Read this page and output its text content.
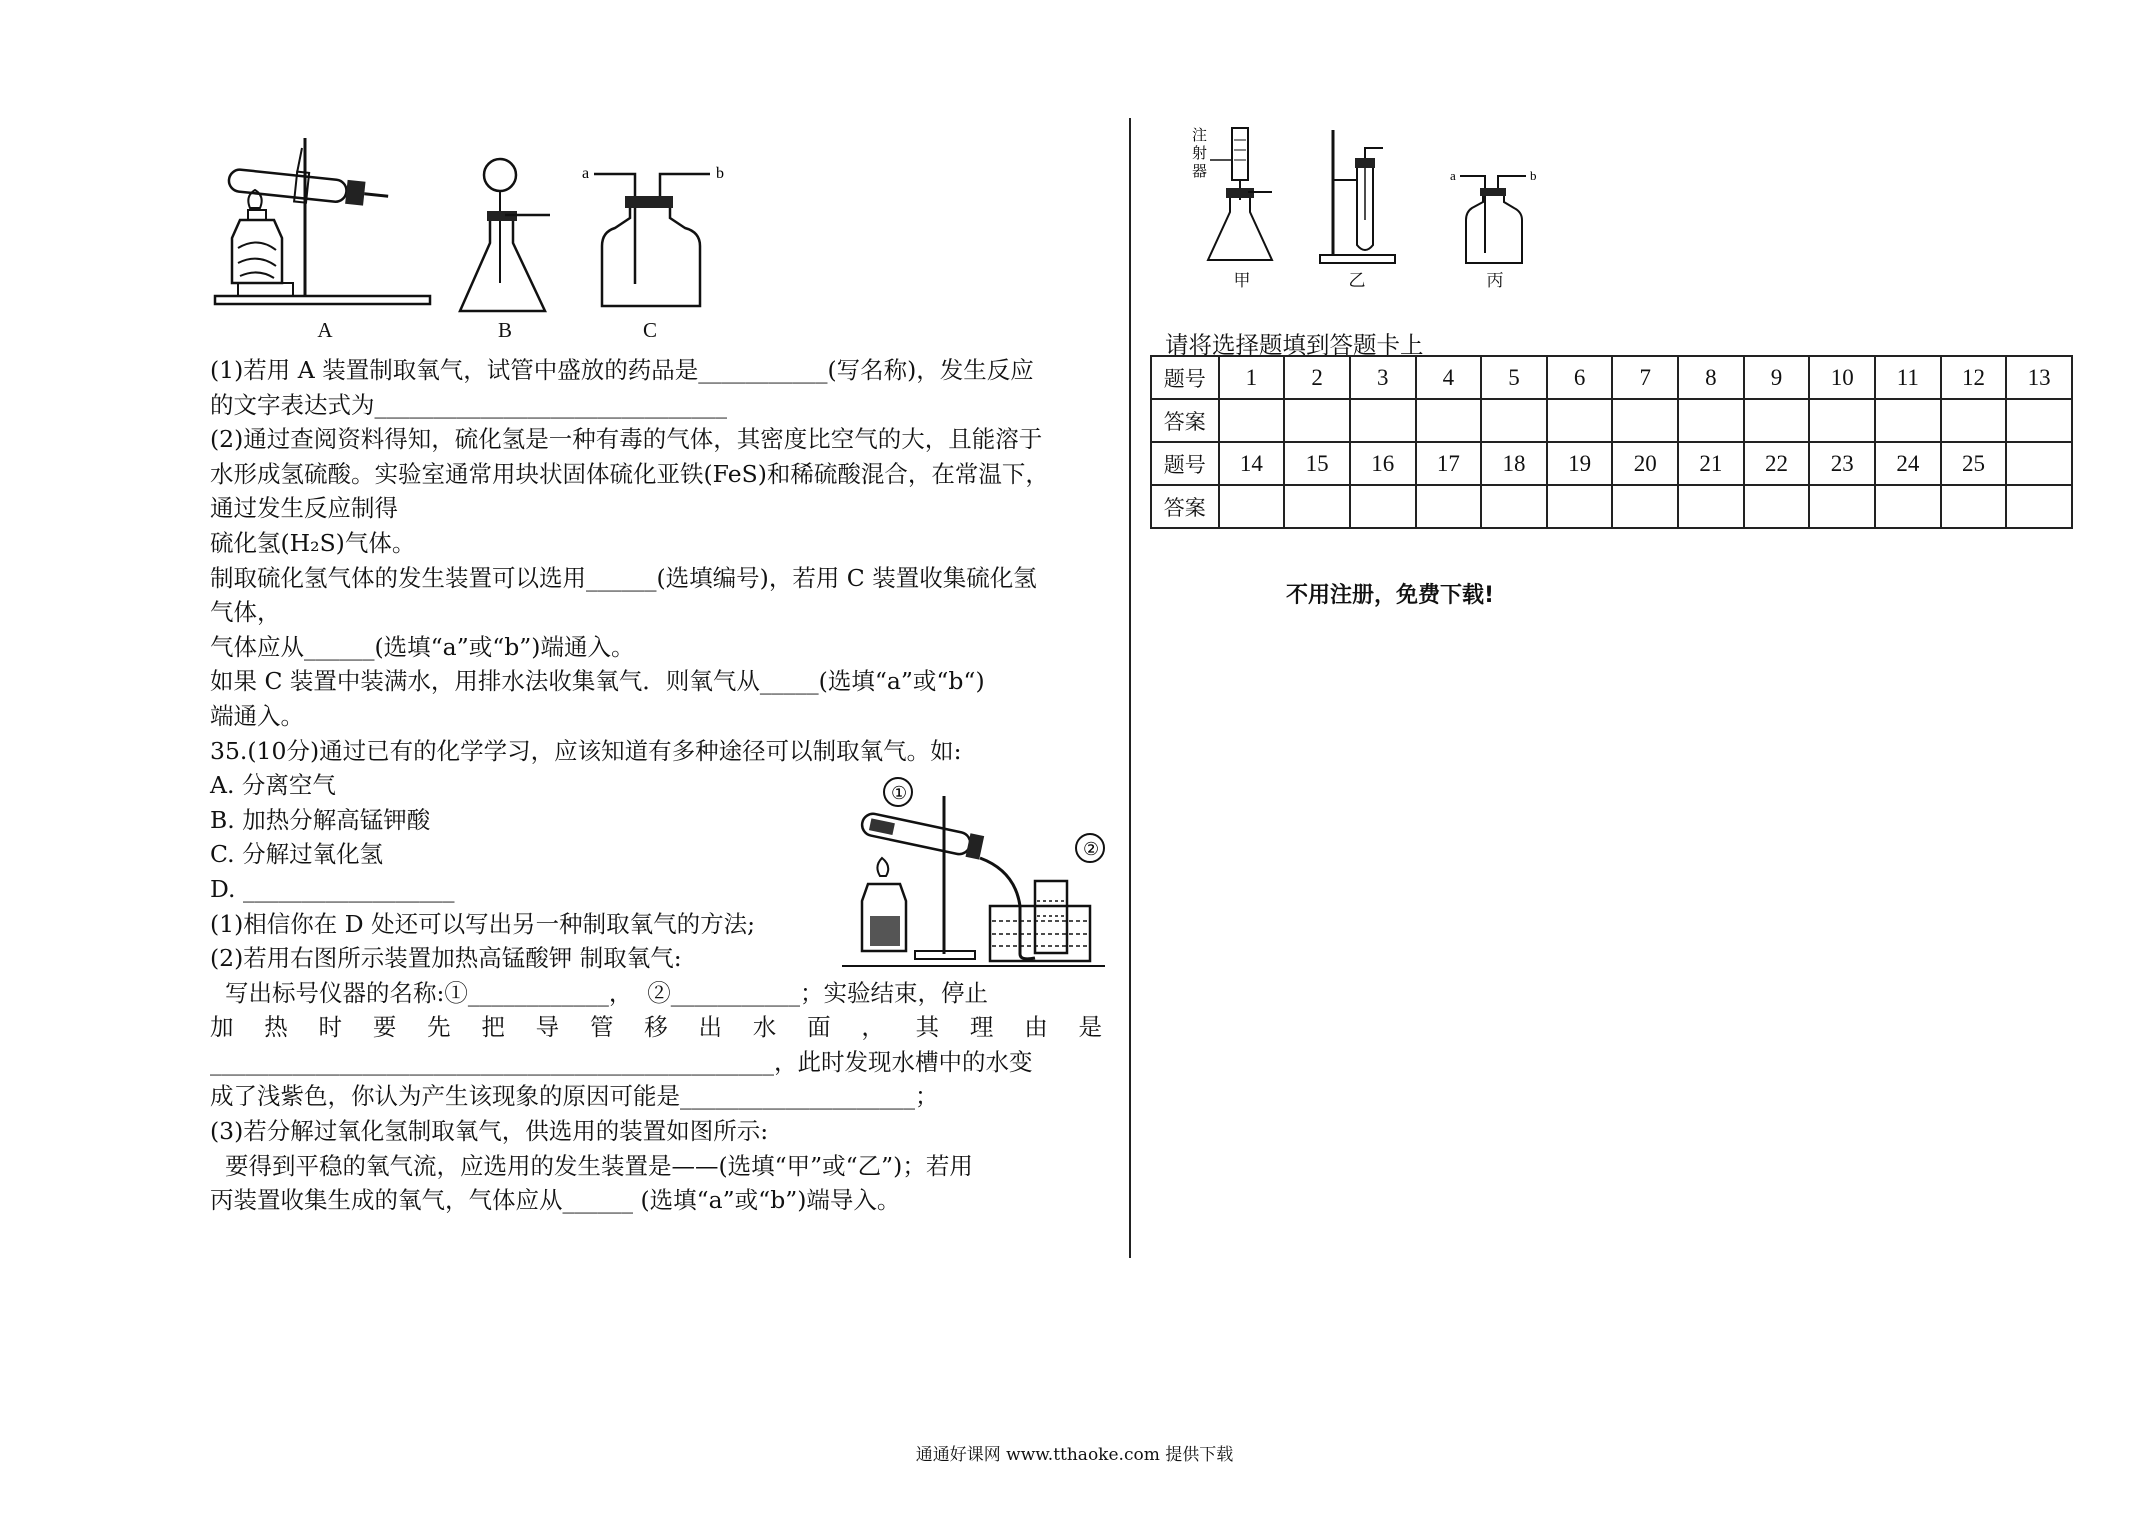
A	B
a	b
C
①
②

(1)若用 A 装置制取氧气，试管中盛放的药品是___________(写名称)，发生反应

的文字表达式为______________________________

(2)通过查阅资料得知，硫化氢是一种有毒的气体，其密度比空气的大，且能溶于

水形成氢硫酸。实验室通常用块状固体硫化亚铁(FeS)和稀硫酸混合，在常温下，

通过发生反应制得

硫化氢(H₂S)气体。

制取硫化氢气体的发生装置可以选用______(选填编号)，若用 C 装置收集硫化氢

气体，

气体应从______(选填“a”或“b”)端通入。

如果 C 装置中装满水，用排水法收集氧气．则氧气从_____(选填“a”或“b“)

端通入。

35.(10分)通过已有的化学学习，应该知道有多种途径可以制取氧气。如:

A. 分离空气

B. 加热分解高锰钾酸

C. 分解过氧化氢

D. __________________

(1)相信你在 D 处还可以写出另一种制取氧气的方法;

(2)若用右图所示装置加热高锰酸钾 制取氧气:

写出标号仪器的名称:①____________，  ②___________；实验结束，停止

加热时要先把导管移出水面，其理由是

________________________________________________，此时发现水槽中的水变

成了浅紫色，你认为产生该现象的原因可能是____________________；

(3)若分解过氧化氢制取氧气，供选用的装置如图所示:

要得到平稳的氧气流，应选用的发生装置是——(选填“甲”或“乙”)；若用

丙装置收集生成的氧气，气体应从______ (选填“a”或“b”)端导入。

注
射
器
甲	乙
a	b
丙
请将选择题填到答题卡上
题号	1	2	3	4	5	6	7	8	9	10	11	12	13
答案													
题号	14	15	16	17	18	19	20	21	22	23	24	25	
答案													
不用注册，免费下载!
通通好课网 www.tthaoke.com 提供下载
